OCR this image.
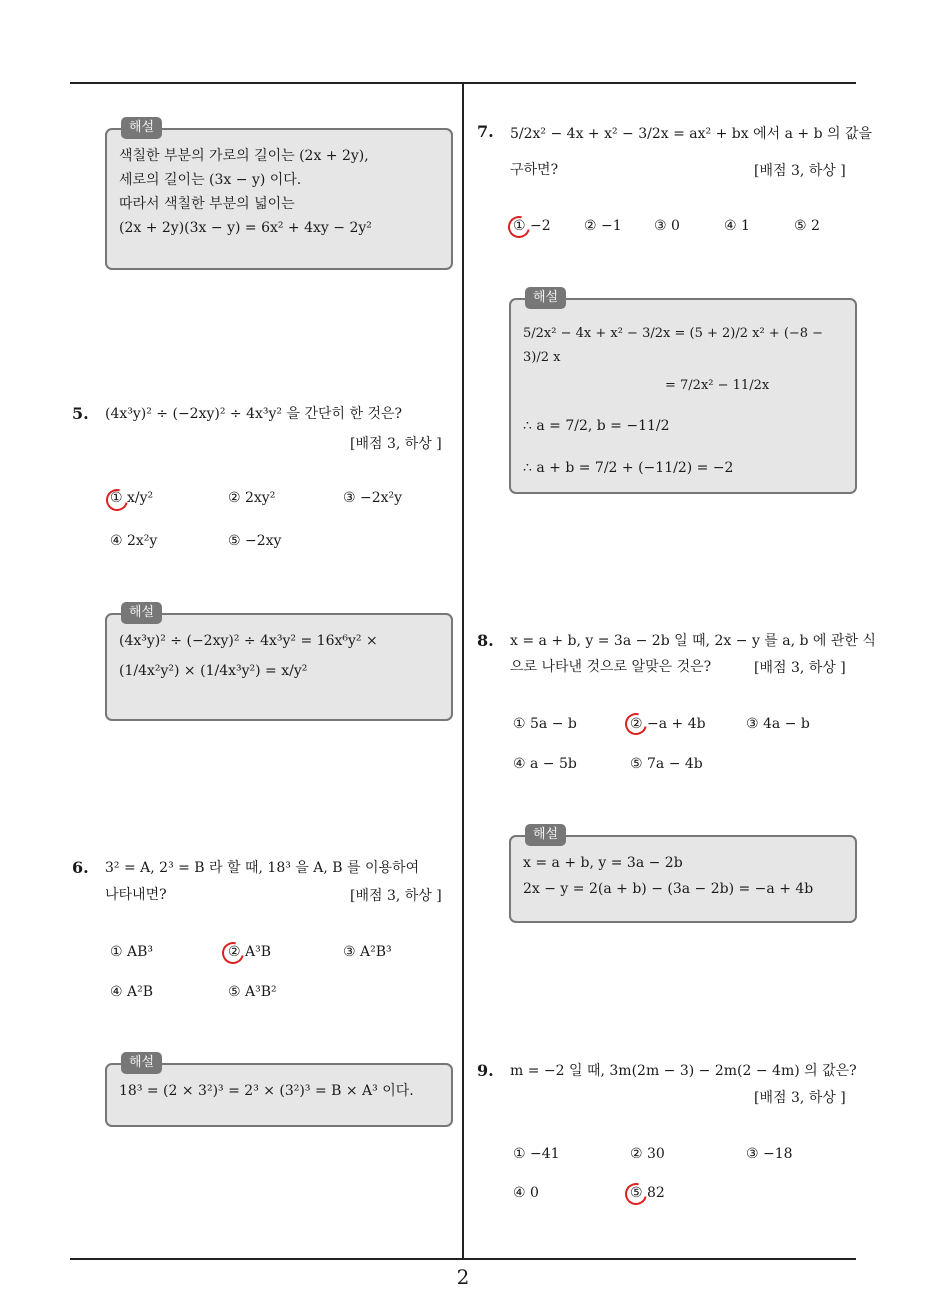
2
해설
색칠한 부분의 가로의 길이는 (2x + 2y),
세로의 길이는 (3x − y) 이다.
따라서 색칠한 부분의 넓이는
(2x + 2y)(3x − y) = 6x² + 4xy − 2y²
5. (4x³y)² ÷ (−2xy)² ÷ 4x³y² 을 간단히 한 것은?
[배점 3, 하상 ]
① x/y²	② 2xy²	③ −2x²y
④ 2x²y	⑤ −2xy
해설
(4x³y)² ÷ (−2xy)² ÷ 4x³y² = 16x⁶y² ×
(1/4x²y²) × (1/4x³y²) = x/y²
6. 3² = A, 2³ = B 라 할 때, 18³ 을 A, B 를 이용하여
나타내면?	[배점 3, 하상 ]
① AB³	② A³B	③ A²B³
④ A²B	⑤ A³B²
해설
18³ = (2 × 3²)³ = 2³ × (3²)³ = B × A³ 이다.
7. 5/2x² − 4x + x² − 3/2x = ax² + bx 에서 a + b 의 값을
구하면?	[배점 3, 하상 ]
① −2 ② −1 ③ 0	④ 1	⑤ 2
해설
5/2x² − 4x + x² − 3/2x = (5 + 2)/2 x² + (−8 − 3)/2 x
= 7/2x² − 11/2x
∴ a = 7/2, b = −11/2
∴ a + b = 7/2 + (−11/2) = −2
8. x = a + b, y = 3a − 2b 일 때, 2x − y 를 a, b 에 관한 식
으로 나타낸 것으로 알맞은 것은?	[배점 3, 하상 ]
① 5a − b	② −a + 4b	③ 4a − b
④ a − 5b	⑤ 7a − 4b
해설
x = a + b, y = 3a − 2b
2x − y = 2(a + b) − (3a − 2b) = −a + 4b
9. m = −2 일 때, 3m(2m − 3) − 2m(2 − 4m) 의 값은?
[배점 3, 하상 ]
① −41	② 30	③ −18
④ 0	⑤ 82
